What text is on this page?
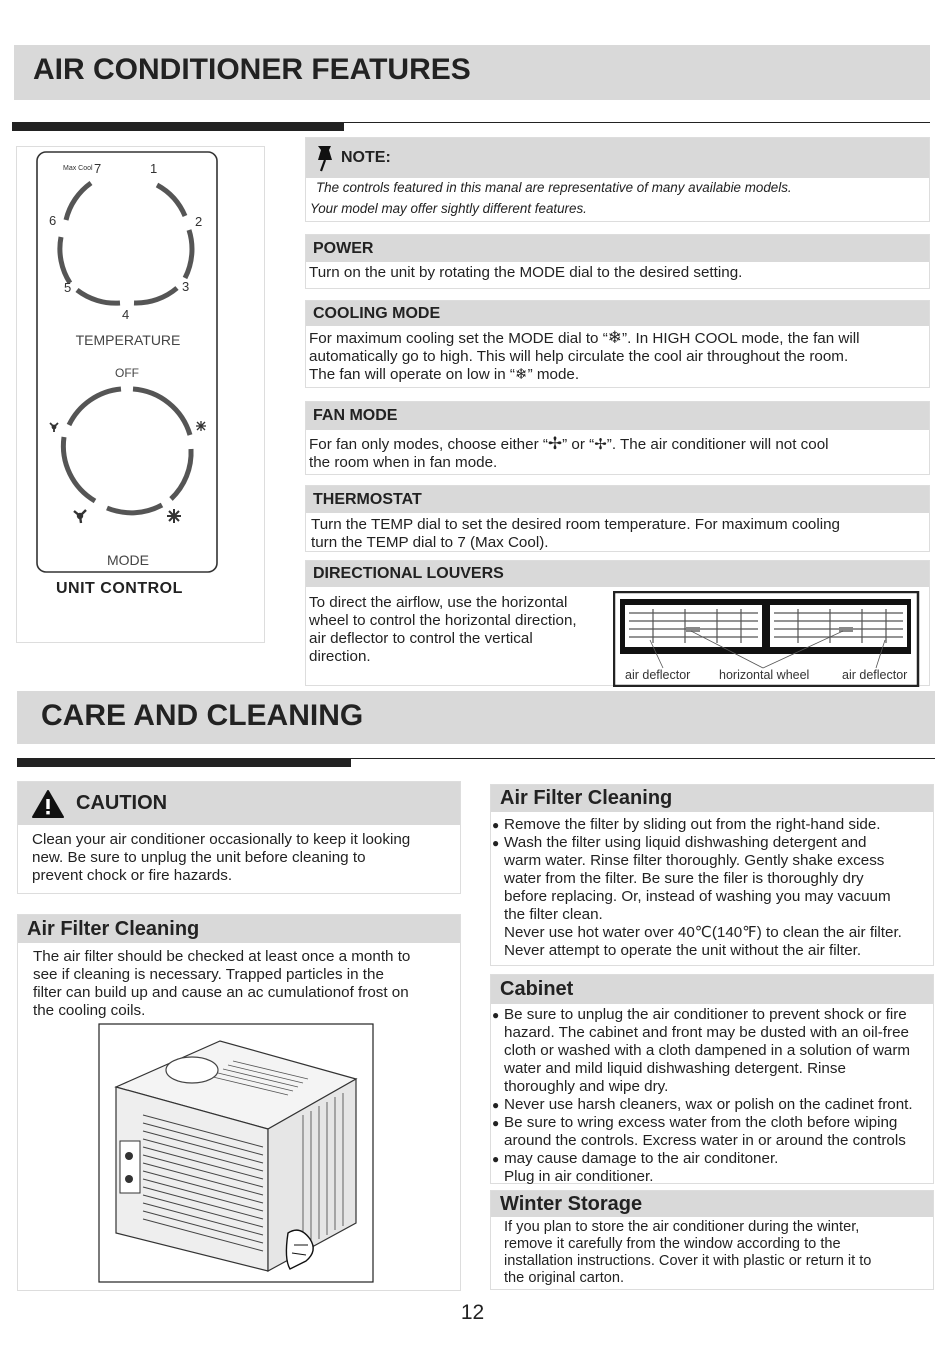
AIR CONDITIONER FEATURES
Max Cool 7	1
2
3
4
5
6
TEMPERATURE
OFF
MODE
UNIT CONTROL
NOTE:
The controls featured in this manal are representative of many availabie models.
Your model may offer sightly different features.
POWER
Turn on the unit by rotating the MODE dial to the desired setting.
COOLING MODE
For maximum cooling set the MODE dial to “❄”. In HIGH COOL mode, the fan will
automatically go to high. This will help circulate the cool air throughout the room.
The fan will operate on low in “❄” mode.
FAN MODE
For fan only modes, choose either “✢” or “✢”. The air conditioner will not cool
the room when in fan mode.
THERMOSTAT
Turn the TEMP dial to set the desired room temperature. For maximum cooling
turn the TEMP dial to 7 (Max Cool).
DIRECTIONAL LOUVERS
To direct the airflow, use the horizontal
wheel to control the horizontal direction,
air deflector to control the vertical
direction.
air deflector horizontal wheel	air deflector
CARE AND CLEANING
CAUTION
Clean your air conditioner occasionally to keep it looking
new. Be sure to unplug the unit before cleaning to
prevent chock or fire hazards.
Air Filter Cleaning
The air filter should be checked at least once a month to
see if cleaning is necessary. Trapped particles in the
filter can build up and cause an ac cumulationof frost on
the cooling coils.
Air Filter Cleaning
● Remove the filter by sliding out from the right-hand side.
● Wash the filter using liquid dishwashing detergent and
warm water. Rinse filter thoroughly. Gently shake excess
water from the filter. Be sure the filer is thoroughly dry
before replacing. Or, instead of washing you may vacuum
the filter clean.
Never use hot water over 40℃(140℉) to clean the air filter.
Never attempt to operate the unit without the air filter.
Cabinet
● Be sure to unplug the air conditioner to prevent shock or fire
hazard. The cabinet and front may be dusted with an oil-free
cloth or washed with a cloth dampened in a solution of warm
water and mild liquid dishwashing detergent. Rinse
thoroughly and wipe dry.
● Never use harsh cleaners, wax or polish on the cadinet front.
● Be sure to wring excess water from the cloth before wiping
around the controls. Excress water in or around the controls
● may cause damage to the air conditoner.
Plug in air conditioner.
Winter Storage
If you plan to store the air conditioner during the winter,
remove it carefully from the window according to the
installation instructions. Cover it with plastic or return it to
the original carton.
12
